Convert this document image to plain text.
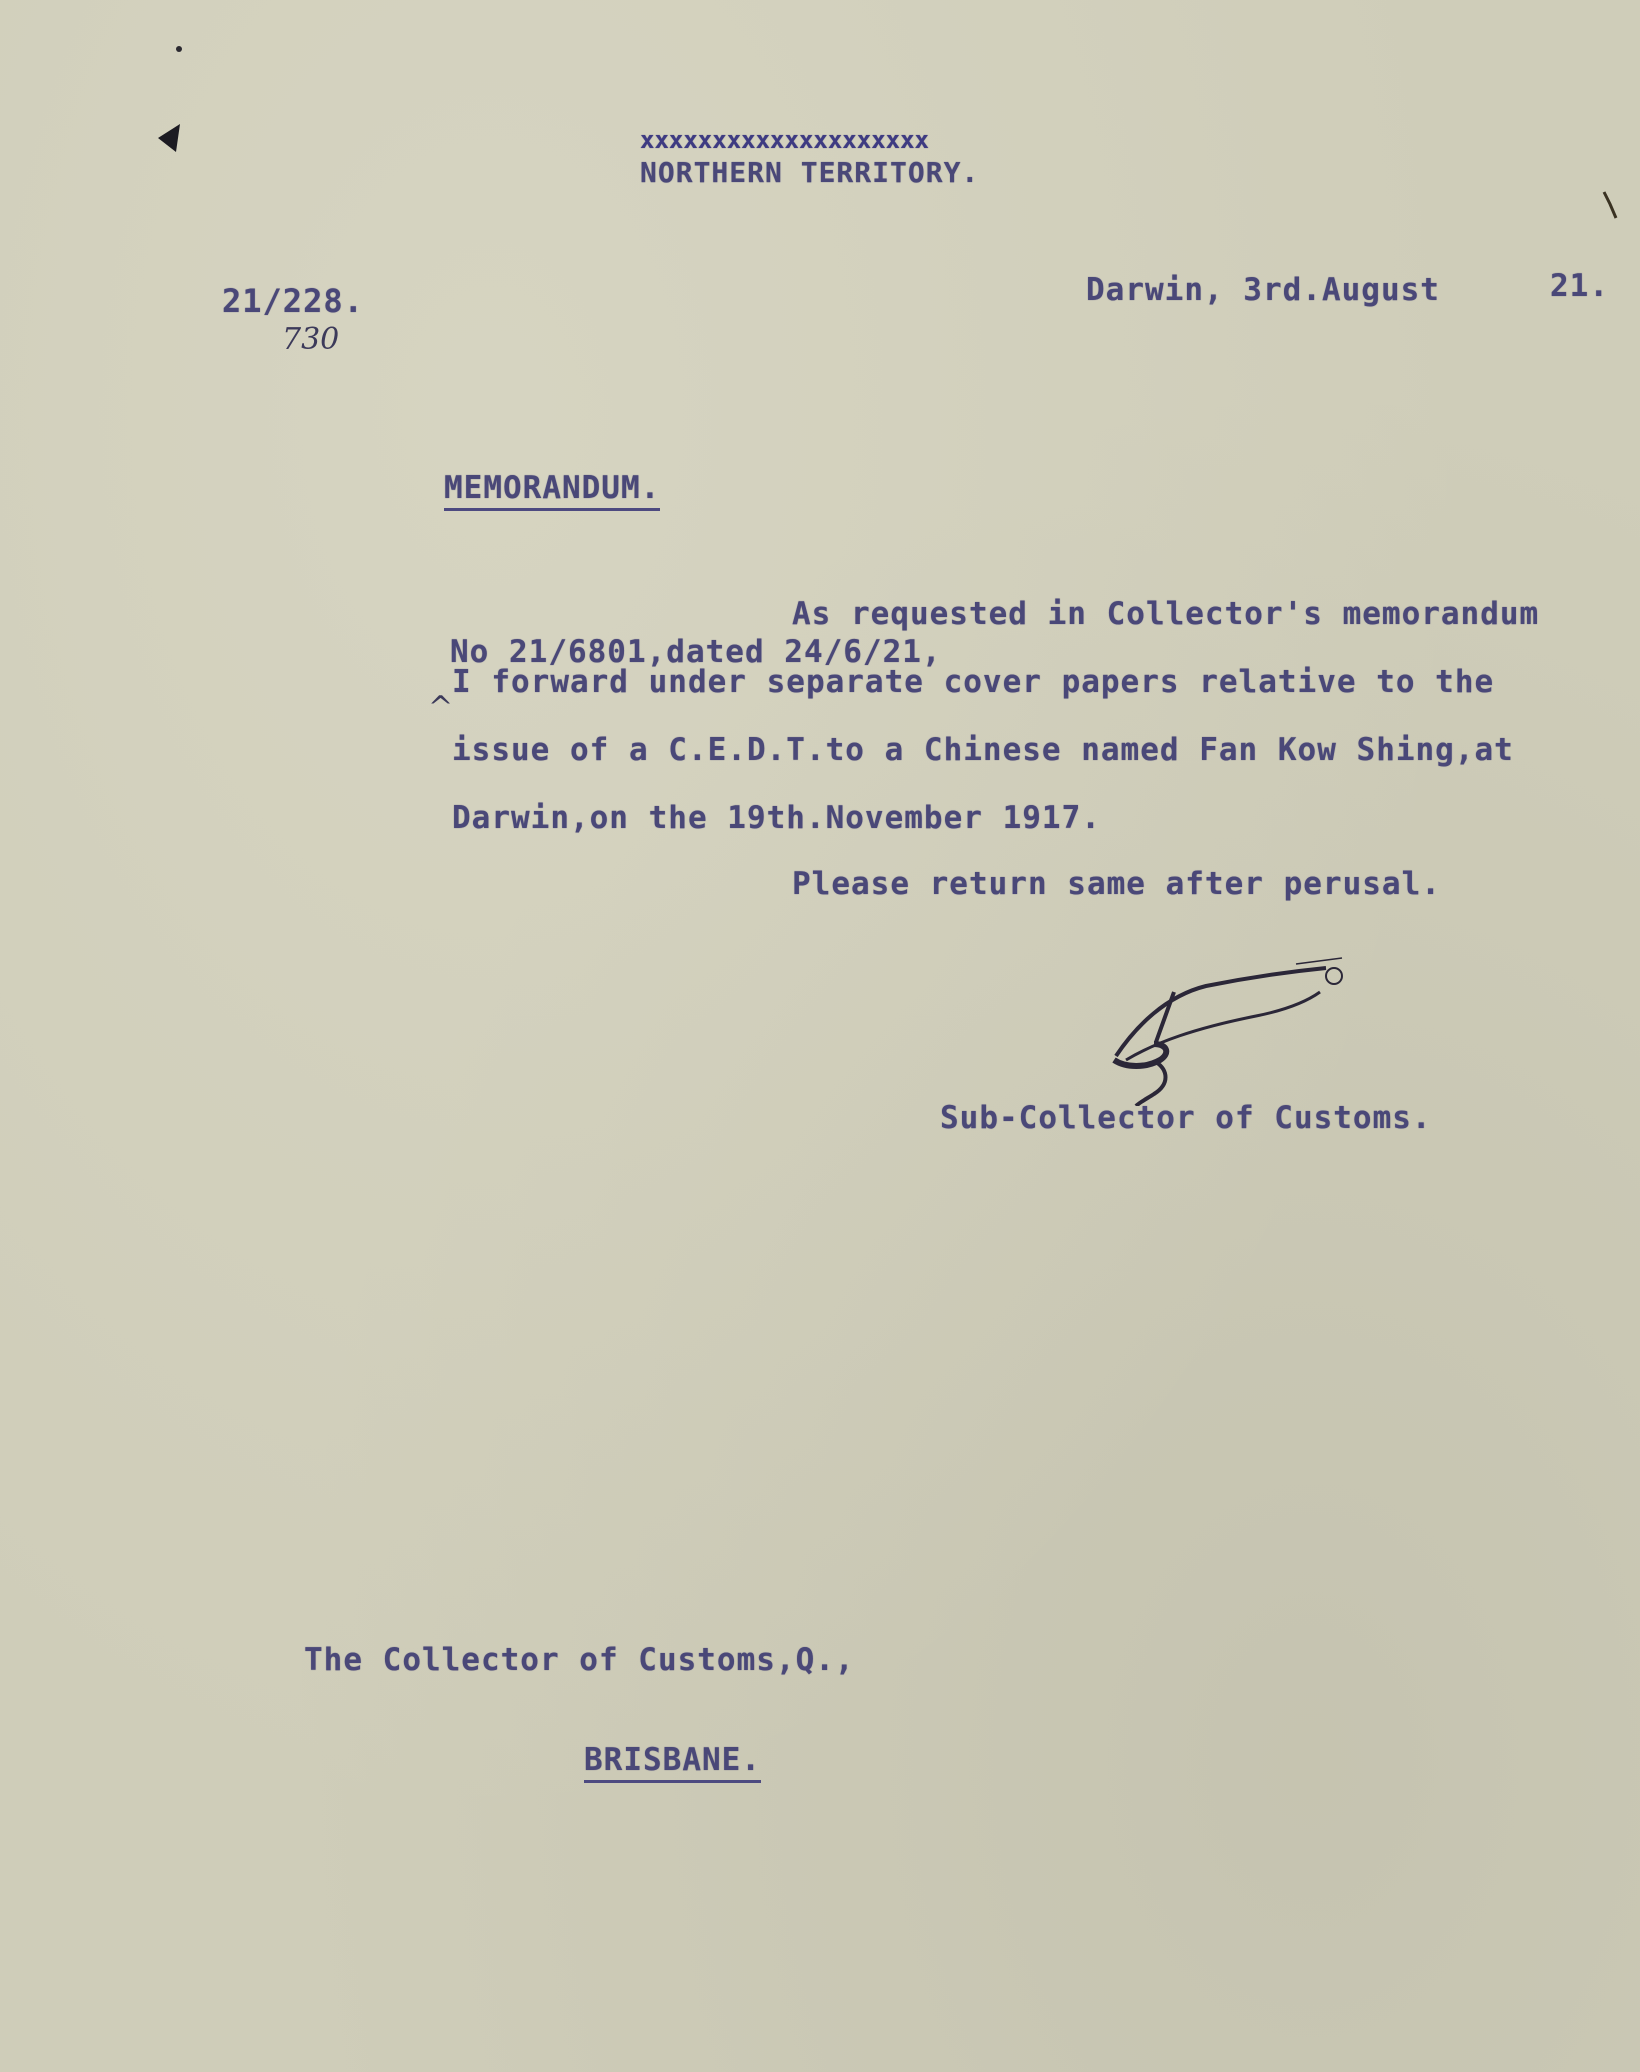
xxxxxxxxxxxxxxxxxxxx
NORTHERN TERRITORY.
21/228.
730
Darwin, 3rd.August	21.
MEMORANDUM.
As requested in Collector's memorandum
No 21/6801,dated 24/6/21,
^
I forward under separate cover papers relative to the
issue of a C.E.D.T.to a Chinese named Fan Kow Shing,at
Darwin,on the 19th.November 1917.
Please return same after perusal.
Sub-Collector of Customs.
The Collector of Customs,Q.,
BRISBANE.
